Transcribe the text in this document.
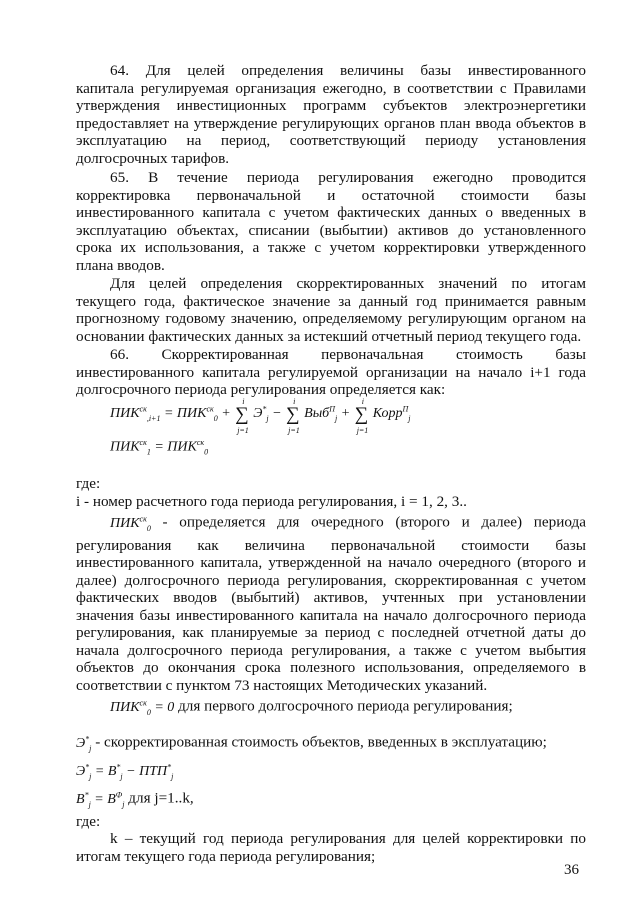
64. Для целей определения величины базы инвестированного

капитала регулируемая организация ежегодно, в соответствии с Правилами

утверждения инвестиционных программ субъектов электроэнергетики

предоставляет на утверждение регулирующих органов план ввода объектов в

эксплуатацию на период, соответствующий периоду установления

долгосрочных тарифов.

65. В течение периода регулирования ежегодно проводится

корректировка первоначальной и остаточной стоимости базы

инвестированного капитала с учетом фактических данных о введенных в

эксплуатацию объектах, списании (выбытии) активов до установленного

срока их использования, а также с учетом корректировки утвержденного

плана вводов.

Для целей определения скорректированных значений по итогам

текущего года, фактическое значение за данный год принимается равным

прогнозному годовому значению, определяемому регулирующим органом на

основании фактических данных за истекший отчетный период текущего года.

66. Скорректированная первоначальная стоимость базы

инвестированного капитала регулируемой организации на начало i+1 года

долгосрочного периода регулирования определяется как:

$ПИК^{ск}_{,i+1} = ПИК^{ск}_0$ + ∑
i
j=1
$Э^*_j$ − ∑
i
j=1
Выб$^П_j$ + ∑
i
j=1
Корр$^П_j$
$ПИК^{ск}_1 = ПИК^{ск}_0$

где:

i - номер расчетного года периода регулирования, i = 1, 2, 3..

$ПИК^{ск}_0$ - определяется для очередного (второго и далее) периода

регулирования как величина первоначальной стоимости базы

инвестированного капитала, утвержденной на начало очередного (второго и

далее) долгосрочного периода регулирования, скорректированная с учетом

фактических вводов (выбытий) активов, учтенных при установлении

значения базы инвестированного капитала на начало долгосрочного периода

регулирования, как планируемые за период с последней отчетной даты до

начала долгосрочного периода регулирования, а также с учетом выбытия

объектов до окончания срока полезного использования, определяемого в

соответствии с пунктом 73 настоящих Методических указаний.

$ПИК^{ск}_0 = 0$ для первого долгосрочного периода регулирования;

$Э^*_j$ - скорректированная стоимость объектов, введенных в эксплуатацию;

$Э^*_j = B^*_j - ПТП^*_j$

$B^*_j = B^Ф_j$ для j=1..k,

где:

k – текущий год периода регулирования для целей корректировки по

итогам текущего года периода регулирования;

36
